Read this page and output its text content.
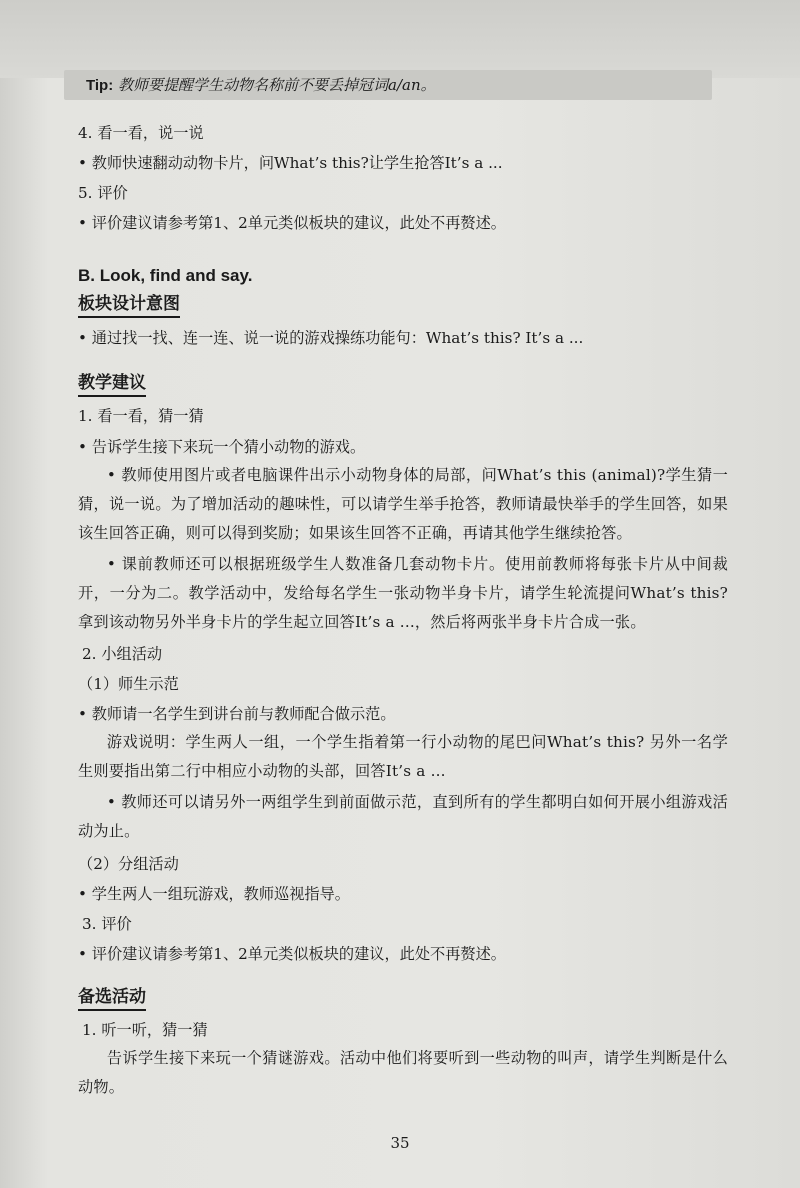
Tip: 教师要提醒学生动物名称前不要丢掉冠词a/an。

4. 看一看，说一说

• 教师快速翻动动物卡片，问What’s this?让学生抢答It’s a ...

5. 评价

• 评价建议请参考第1、2单元类似板块的建议，此处不再赘述。

B. Look, find and say.

板块设计意图

• 通过找一找、连一连、说一说的游戏操练功能句：What’s this? It’s a ...

教学建议

1. 看一看，猜一猜

• 告诉学生接下来玩一个猜小动物的游戏。

• 教师使用图片或者电脑课件出示小动物身体的局部，问What’s this (animal)?学生猜一猜，说一说。为了增加活动的趣味性，可以请学生举手抢答，教师请最快举手的学生回答，如果该生回答正确，则可以得到奖励；如果该生回答不正确，再请其他学生继续抢答。

• 课前教师还可以根据班级学生人数准备几套动物卡片。使用前教师将每张卡片从中间裁开，一分为二。教学活动中，发给每名学生一张动物半身卡片，请学生轮流提问What’s this?拿到该动物另外半身卡片的学生起立回答It’s a ...，然后将两张半身卡片合成一张。

2. 小组活动

（1）师生示范

• 教师请一名学生到讲台前与教师配合做示范。

游戏说明：学生两人一组，一个学生指着第一行小动物的尾巴问What’s this? 另外一名学生则要指出第二行中相应小动物的头部，回答It’s a ...

• 教师还可以请另外一两组学生到前面做示范，直到所有的学生都明白如何开展小组游戏活动为止。

（2）分组活动

• 学生两人一组玩游戏，教师巡视指导。

3. 评价

• 评价建议请参考第1、2单元类似板块的建议，此处不再赘述。

备选活动

1. 听一听，猜一猜

告诉学生接下来玩一个猜谜游戏。活动中他们将要听到一些动物的叫声，请学生判断是什么动物。

35
